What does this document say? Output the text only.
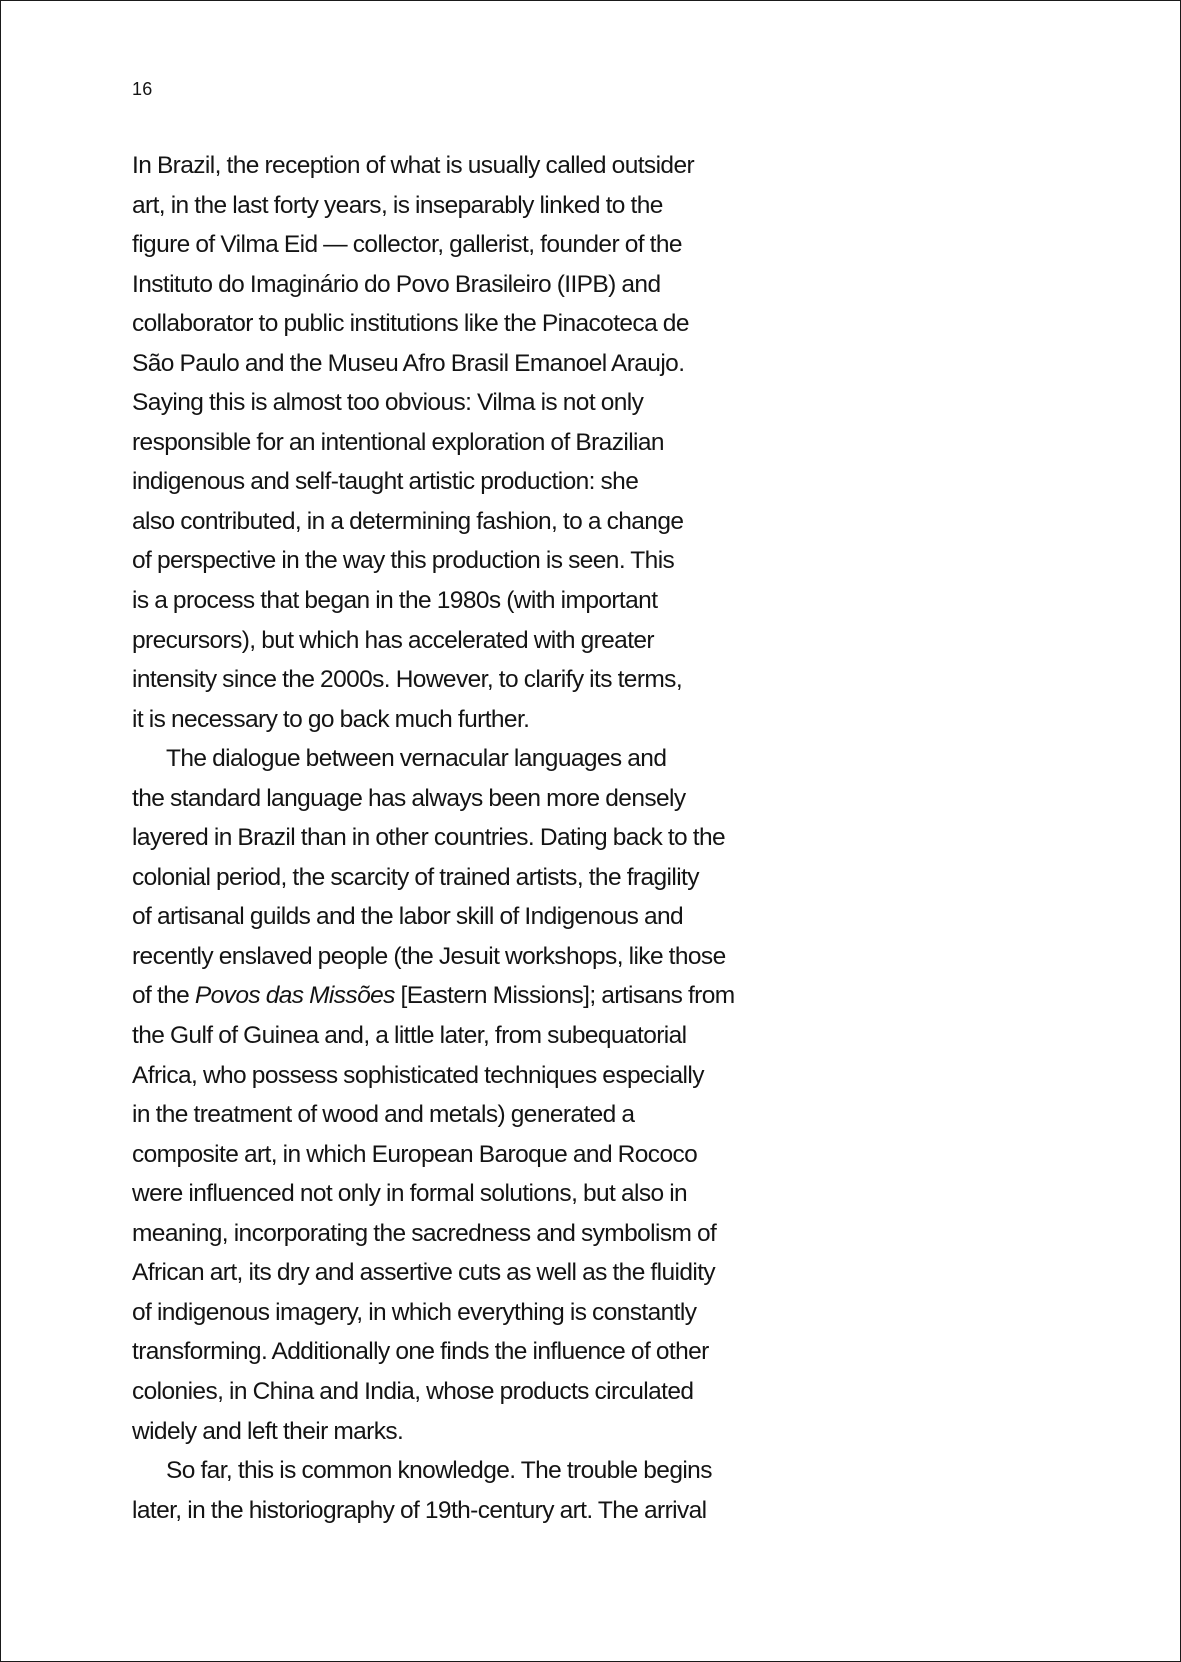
16
In Brazil, the reception of what is usually called outsider
art, in the last forty years, is inseparably linked to the
figure of Vilma Eid — collector, gallerist, founder of the
Instituto do Imaginário do Povo Brasileiro (IIPB) and
collaborator to public institutions like the Pinacoteca de
São Paulo and the Museu Afro Brasil Emanoel Araujo.
Saying this is almost too obvious: Vilma is not only
responsible for an intentional exploration of Brazilian
indigenous and self-taught artistic production: she
also contributed, in a determining fashion, to a change
of perspective in the way this production is seen. This
is a process that began in the 1980s (with important
precursors), but which has accelerated with greater
intensity since the 2000s. However, to clarify its terms,
it is necessary to go back much further.
The dialogue between vernacular languages and
the standard language has always been more densely
layered in Brazil than in other countries. Dating back to the
colonial period, the scarcity of trained artists, the fragility
of artisanal guilds and the labor skill of Indigenous and
recently enslaved people (the Jesuit workshops, like those
of the Povos das Missões [Eastern Missions]; artisans from
the Gulf of Guinea and, a little later, from subequatorial
Africa, who possess sophisticated techniques especially
in the treatment of wood and metals) generated a
composite art, in which European Baroque and Rococo
were influenced not only in formal solutions, but also in
meaning, incorporating the sacredness and symbolism of
African art, its dry and assertive cuts as well as the fluidity
of indigenous imagery, in which everything is constantly
transforming. Additionally one finds the influence of other
colonies, in China and India, whose products circulated
widely and left their marks.
So far, this is common knowledge. The trouble begins
later, in the historiography of 19th-century art. The arrival
